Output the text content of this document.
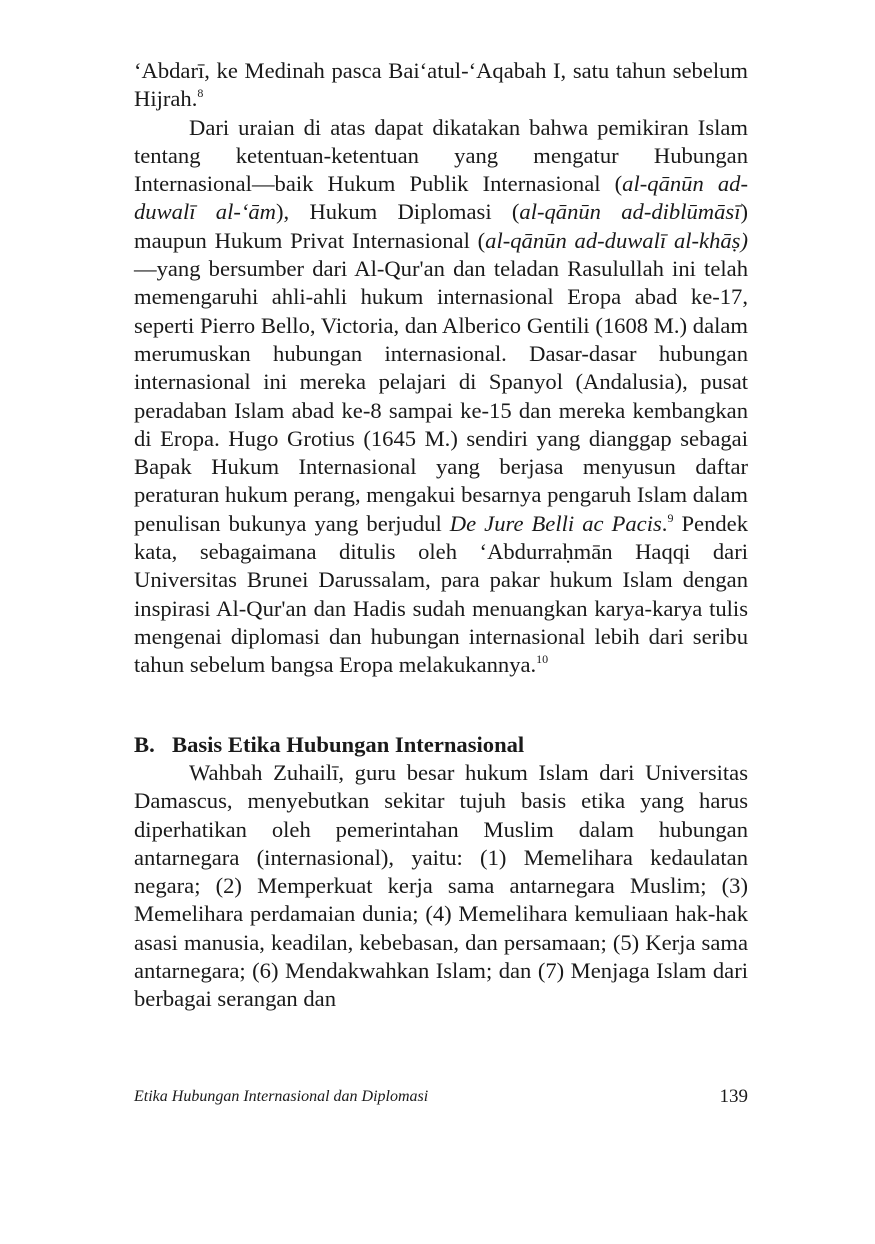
‘Abdarī, ke Medinah pasca Bai‘atul-‘Aqabah I, satu tahun sebelum Hijrah.$^8$

Dari uraian di atas dapat dikatakan bahwa pemikiran Islam tentang ketentuan-ketentuan yang mengatur Hubungan Internasional—baik Hukum Publik Internasional (al-qānūn ad-duwalī al-‘ām), Hukum Diplomasi (al-qānūn ad-diblūmāsī) maupun Hukum Privat Internasional (al-qānūn ad-duwalī al-khāṣ)—yang bersumber dari Al-Qur'an dan teladan Rasulullah ini telah memengaruhi ahli-ahli hukum internasional Eropa abad ke-17, seperti Pierro Bello, Victoria, dan Alberico Gentili (1608 M.) dalam merumuskan hubungan internasional. Dasar-dasar hubungan internasional ini mereka pelajari di Spanyol (Andalusia), pusat peradaban Islam abad ke-8 sampai ke-15 dan mereka kembangkan di Eropa. Hugo Grotius (1645 M.) sendiri yang dianggap sebagai Bapak Hukum Internasional yang berjasa menyusun daftar peraturan hukum perang, mengakui besarnya pengaruh Islam dalam penulisan bukunya yang berjudul De Jure Belli ac Pacis.$^9$ Pendek kata, sebagaimana ditulis oleh ‘Abdurraḥmān Haqqi dari Universitas Brunei Darussalam, para pakar hukum Islam dengan inspirasi Al-Qur'an dan Hadis sudah menuangkan karya-karya tulis mengenai diplomasi dan hubungan internasional lebih dari seribu tahun sebelum bangsa Eropa melakukannya.$^{10}$

B. Basis Etika Hubungan Internasional

Wahbah Zuhailī, guru besar hukum Islam dari Universitas Damascus, menyebutkan sekitar tujuh basis etika yang harus diperhatikan oleh pemerintahan Muslim dalam hubungan antarnegara (internasional), yaitu: (1) Memelihara kedaulatan negara; (2) Memperkuat kerja sama antarnegara Muslim; (3) Memelihara perdamaian dunia; (4) Memelihara kemuliaan hak-hak asasi manusia, keadilan, kebebasan, dan persamaan; (5) Kerja sama antarnegara; (6) Mendakwahkan Islam; dan (7) Menjaga Islam dari berbagai serangan dan

Etika Hubungan Internasional dan Diplomasi	139
